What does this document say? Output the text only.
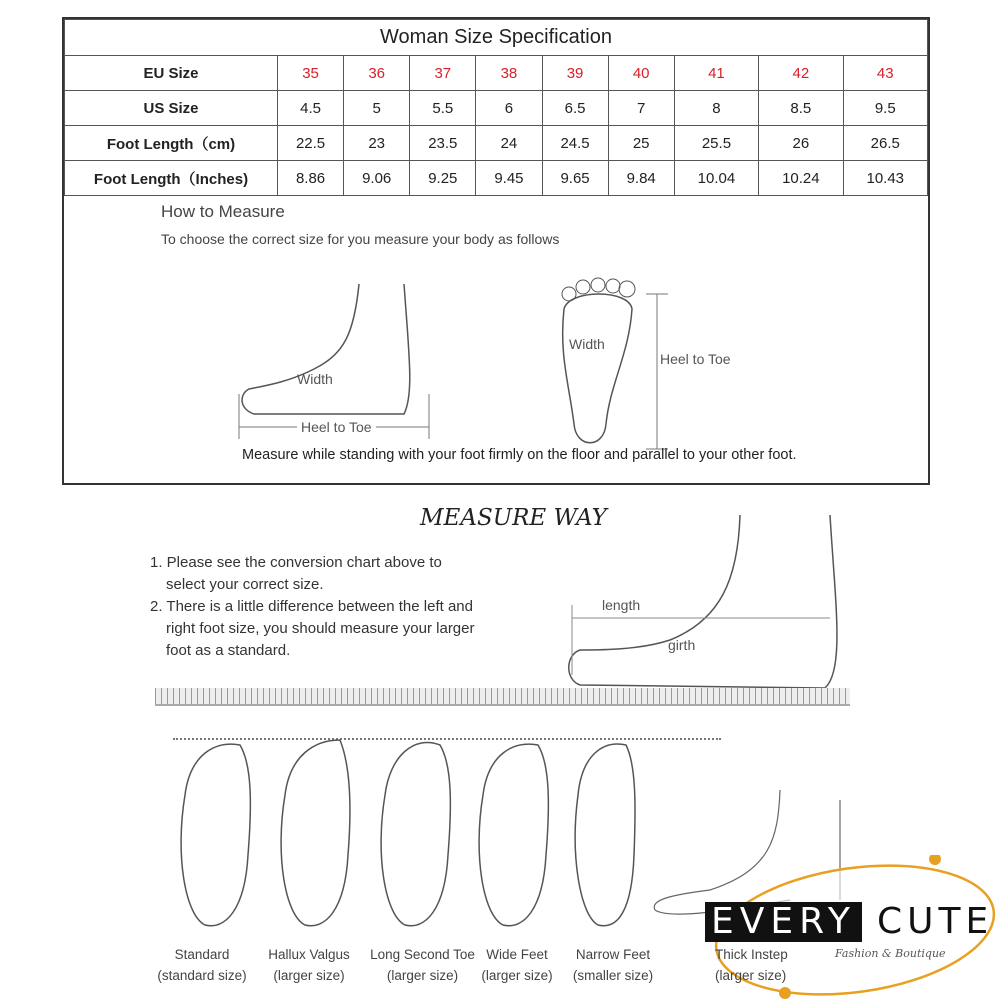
Woman Size Specification									
EU Size	35	36	37	38	39	40	41	42	43
US Size	4.5	5	5.5	6	6.5	7	8	8.5	9.5
Foot Length（cm)	22.5	23	23.5	24	24.5	25	25.5	26	26.5
Foot Length（Inches)	8.86	9.06	9.25	9.45	9.65	9.84	10.04	10.24	10.43
How to Measure
To choose the correct size for you measure your body as follows
Width
Heel to Toe
Width
Heel to Toe
Measure while standing with your foot firmly on the floor and parallel to your other foot.
MEASURE WAY
1. Please see the conversion chart above to select your correct size.
2. There is a little difference between the left and right foot size, you should measure your larger foot as a standard.
length
girth
Standard
(standard size)
Hallux Valgus
(larger size)
Long Second Toe
(larger size)
Wide Feet
(larger size)
Narrow Feet
(smaller size)
EVERY CUTE
Fashion & Boutique
Thick Instep
(larger size)
